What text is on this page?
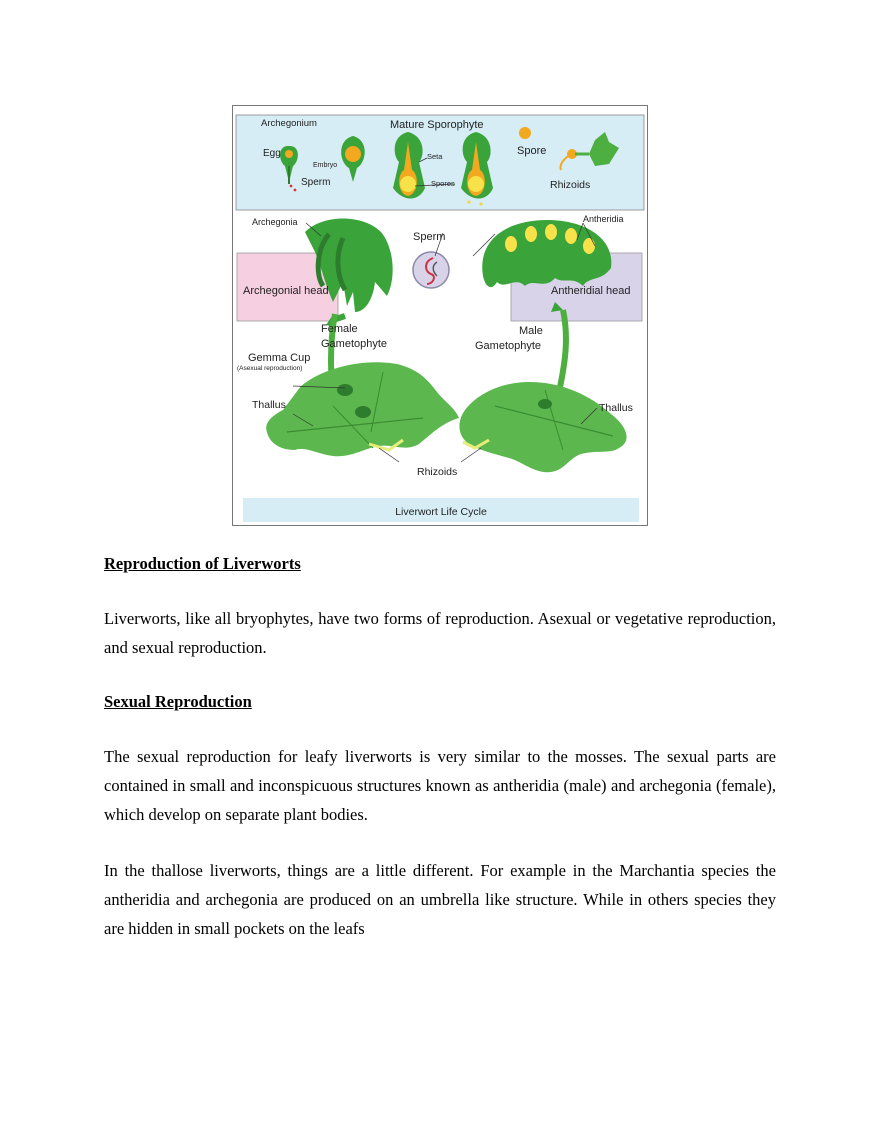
Archegonium	Mature Sporophyte
Egg
Embryo
Seta
Sperm	Spores
Spore
Rhizoids
Archegonia	Antheridia
Sperm
Archegonial head	Antheridial head
Female
Gametophyte
Male
Gametophyte
Gemma Cup
(Asexual reproduction)
Thallus	Thallus
Rhizoids
Liverwort Life Cycle
Reproduction of Liverworts

Liverworts, like all bryophytes, have two forms of reproduction. Asexual or vegetative reproduction, and sexual reproduction.

Sexual Reproduction

The sexual reproduction for leafy liverworts is very similar to the mosses. The sexual parts are contained in small and inconspicuous structures known as antheridia (male) and archegonia (female), which develop on separate plant bodies.

In the thallose liverworts, things are a little different. For example in the Marchantia species the antheridia and archegonia are produced on an umbrella like structure. While in others species they are hidden in small pockets on the leafs
